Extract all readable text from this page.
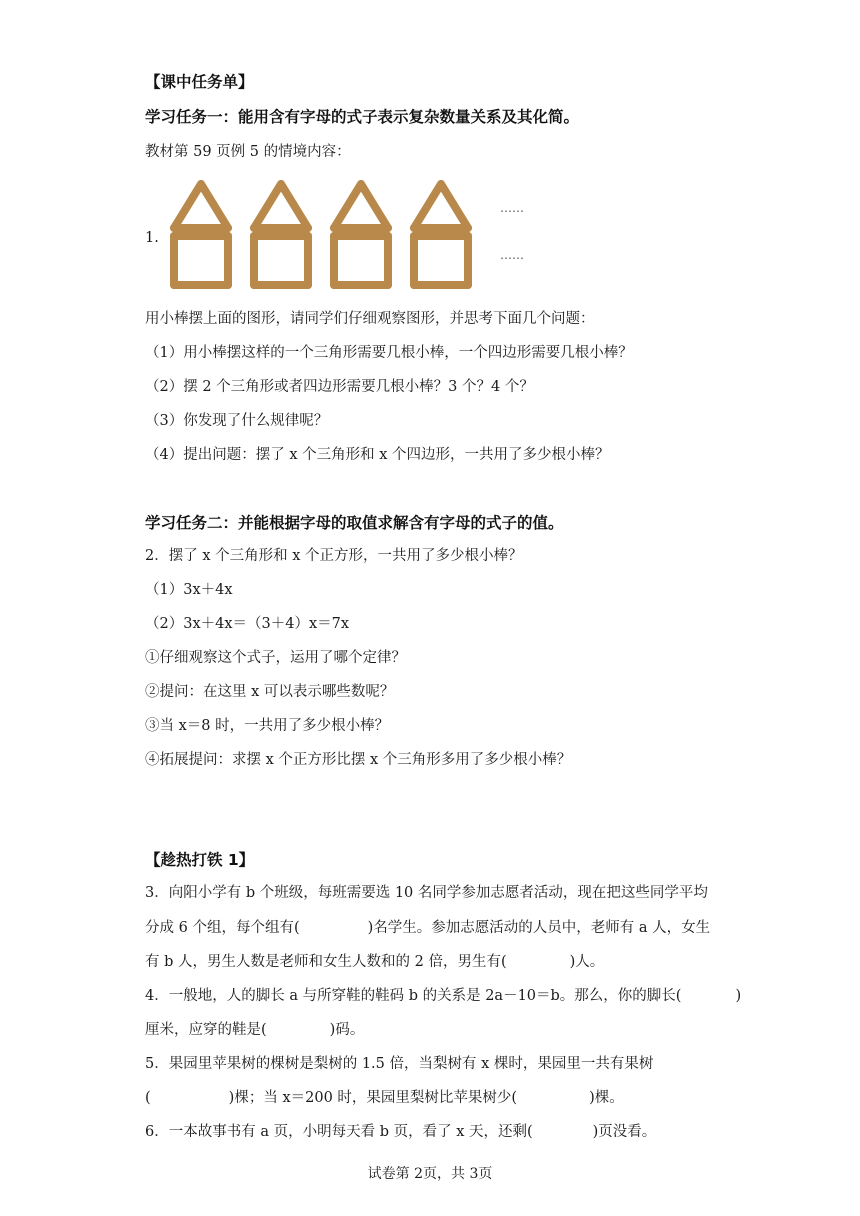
【课中任务单】
学习任务一：能用含有字母的式子表示复杂数量关系及其化简。
教材第 59 页例 5 的情境内容：
1.
……
……
用小棒摆上面的图形，请同学们仔细观察图形，并思考下面几个问题：
（1）用小棒摆这样的一个三角形需要几根小棒，一个四边形需要几根小棒？
（2）摆 2 个三角形或者四边形需要几根小棒？3 个？4 个？
（3）你发现了什么规律呢？
（4）提出问题：摆了 x 个三角形和 x 个四边形，一共用了多少根小棒？
学习任务二：并能根据字母的取值求解含有字母的式子的值。
2．摆了 x 个三角形和 x 个正方形，一共用了多少根小棒？
（1）3x＋4x
（2）3x＋4x＝（3＋4）x＝7x
①仔细观察这个式子，运用了哪个定律？
②提问：在这里 x 可以表示哪些数呢？
③当 x＝8 时，一共用了多少根小棒？
④拓展提问：求摆 x 个正方形比摆 x 个三角形多用了多少根小棒？
【趁热打铁 1】
3．向阳小学有 b 个班级，每班需要选 10 名同学参加志愿者活动，现在把这些同学平均
分成 6 个组，每个组有(	)名学生。参加志愿活动的人员中，老师有 a 人，女生
有 b 人，男生人数是老师和女生人数和的 2 倍，男生有(	)人。
4．一般地，人的脚长 a 与所穿鞋的鞋码 b 的关系是 2a－10＝b。那么，你的脚长(	)
厘米，应穿的鞋是(	)码。
5．果园里苹果树的棵树是梨树的 1.5 倍，当梨树有 x 棵时，果园里一共有果树
(	)棵；当 x＝200 时，果园里梨树比苹果树少(	)棵。
6．一本故事书有 a 页，小明每天看 b 页，看了 x 天，还剩(	)页没看。
试卷第 2页，共 3页
